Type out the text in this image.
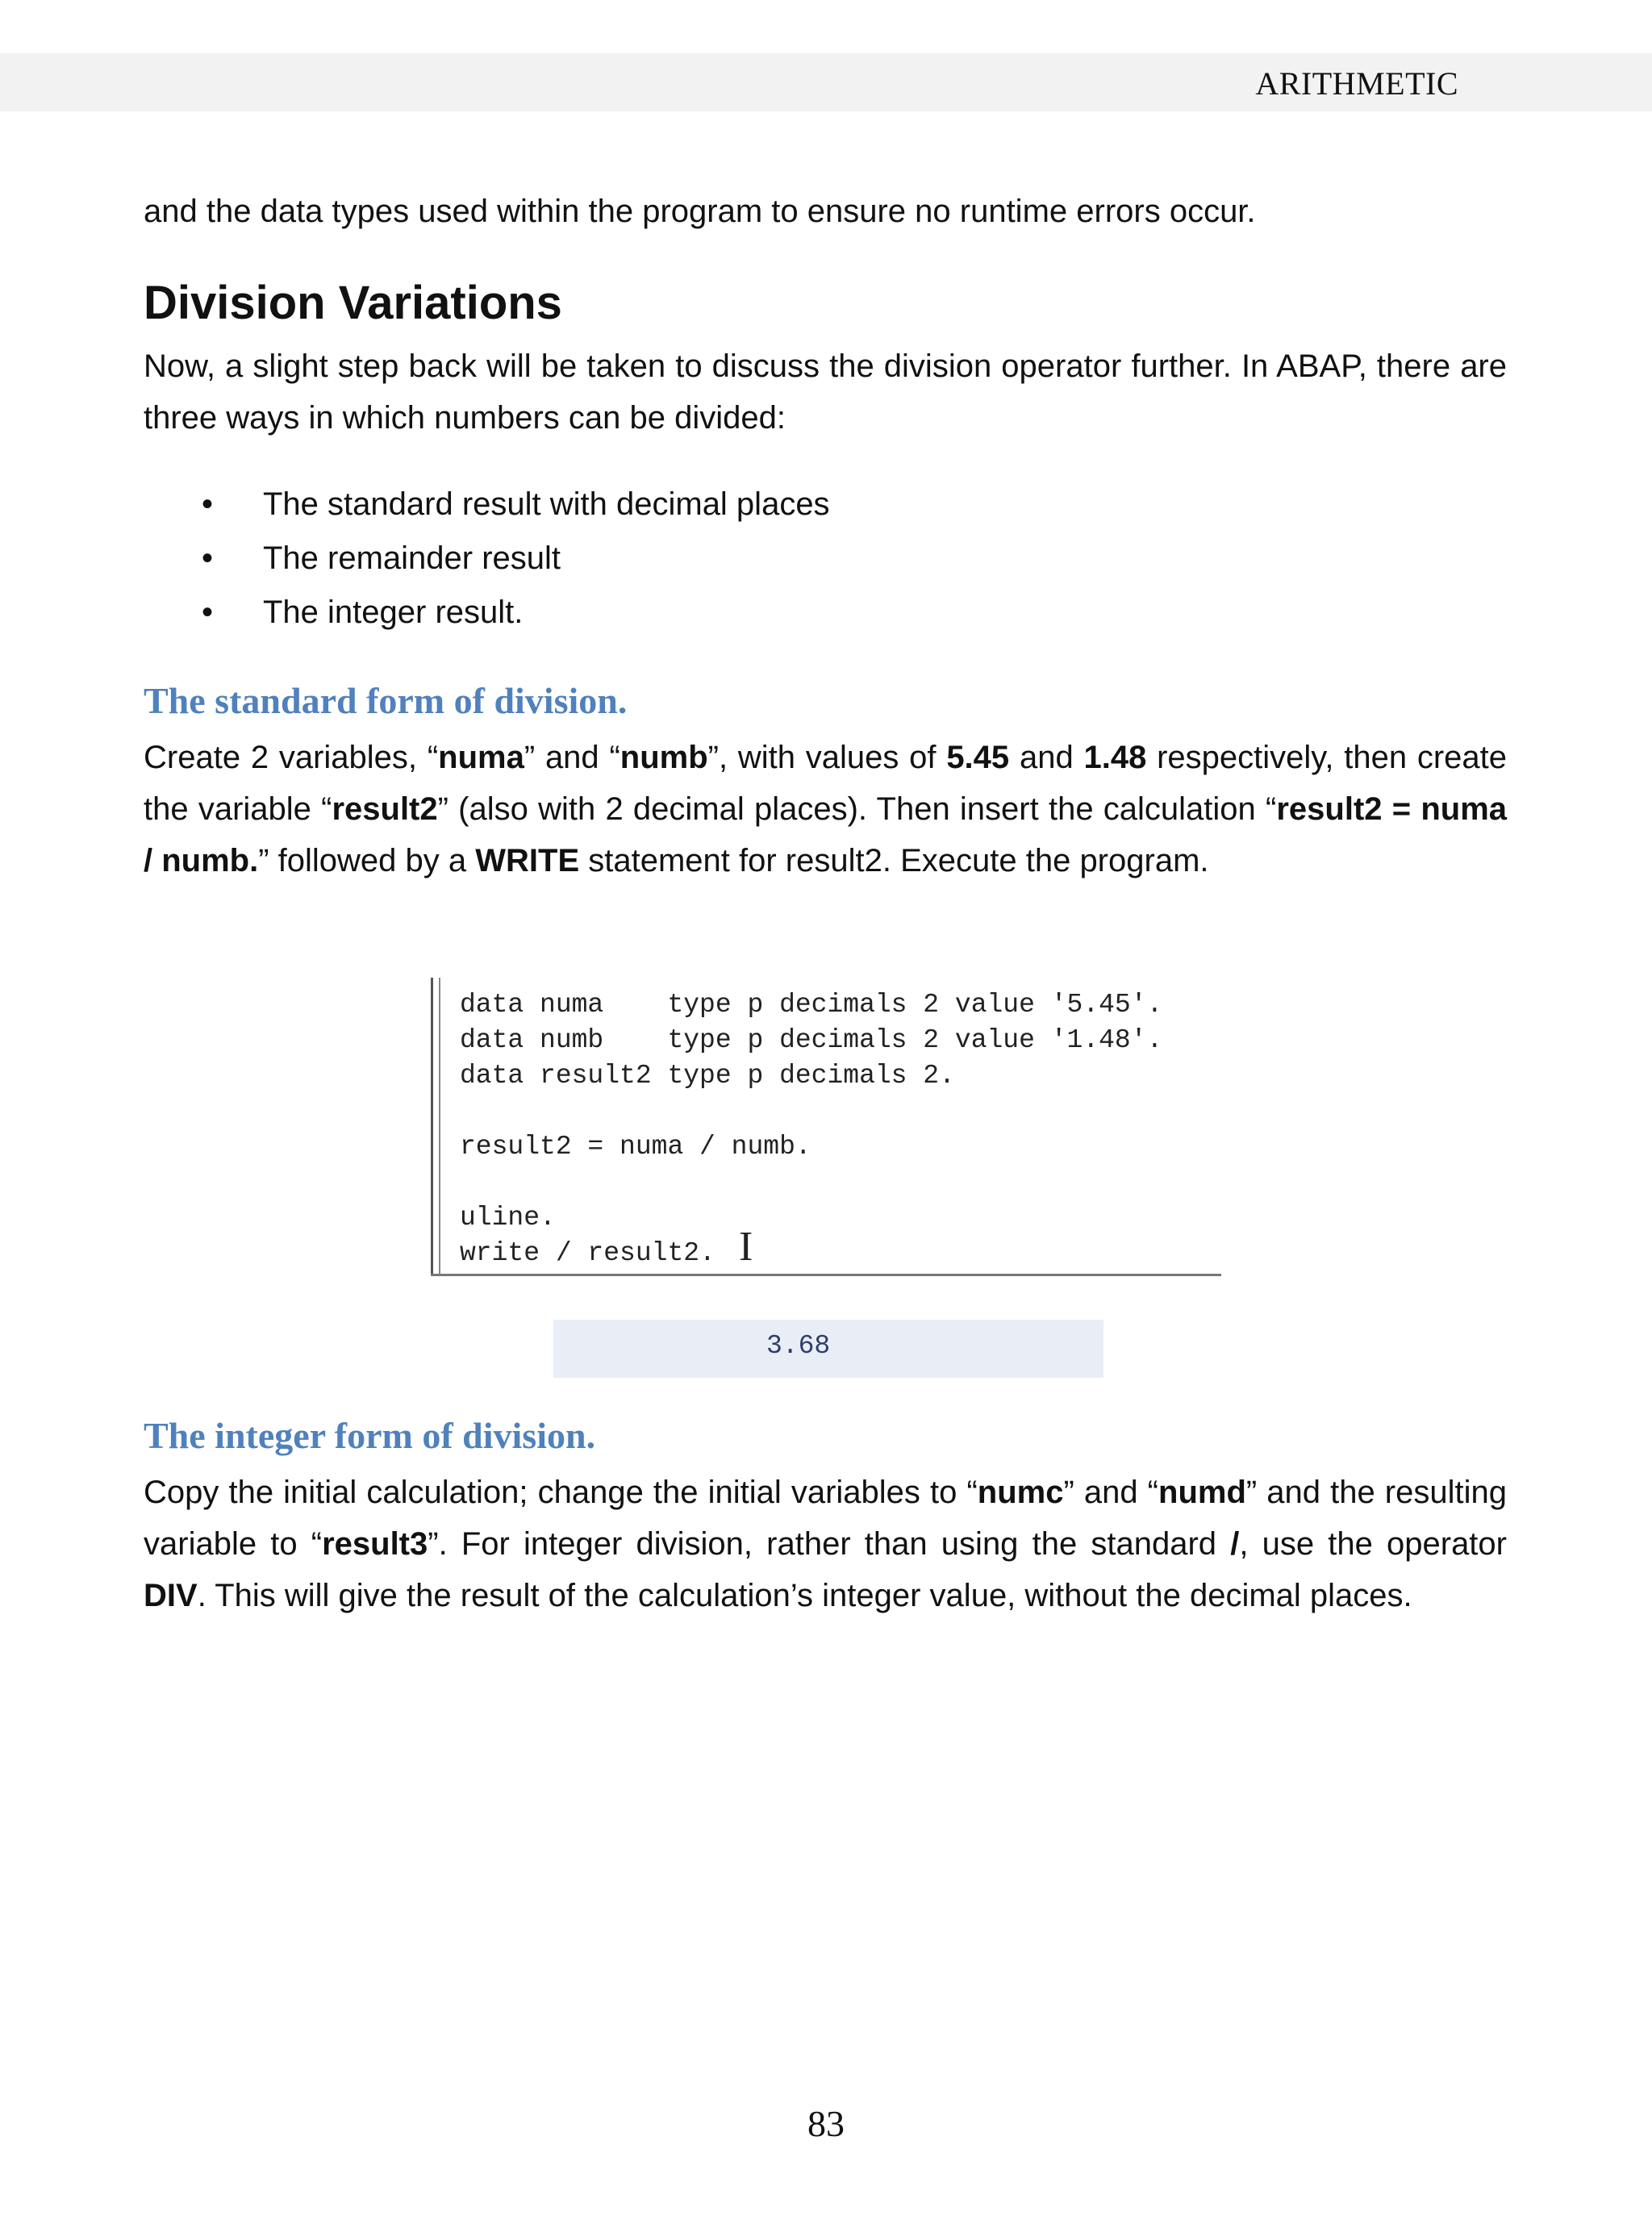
ARITHMETIC

and the data types used within the program to ensure no runtime errors occur.

Division Variations

Now, a slight step back will be taken to discuss the division operator further. In ABAP, there are three ways in which numbers can be divided:

• The standard result with decimal places
• The remainder result
• The integer result.
The standard form of division.

Create 2 variables, “numa” and “numb”, with values of 5.45 and 1.48 respectively, then create the variable “result2” (also with 2 decimal places). Then insert the calculation “result2 = numa / numb.” followed by a WRITE statement for result2. Execute the program.

data numa    type p decimals 2 value '5.45'.
data numb    type p decimals 2 value '1.48'.
data result2 type p decimals 2.

result2 = numa / numb.

uline.
write / result2. I
3.68
The integer form of division.

Copy the initial calculation; change the initial variables to “numc” and “numd” and the resulting variable to “result3”. For integer division, rather than using the standard /, use the operator DIV. This will give the result of the calculation’s integer value, without the decimal places.

83
